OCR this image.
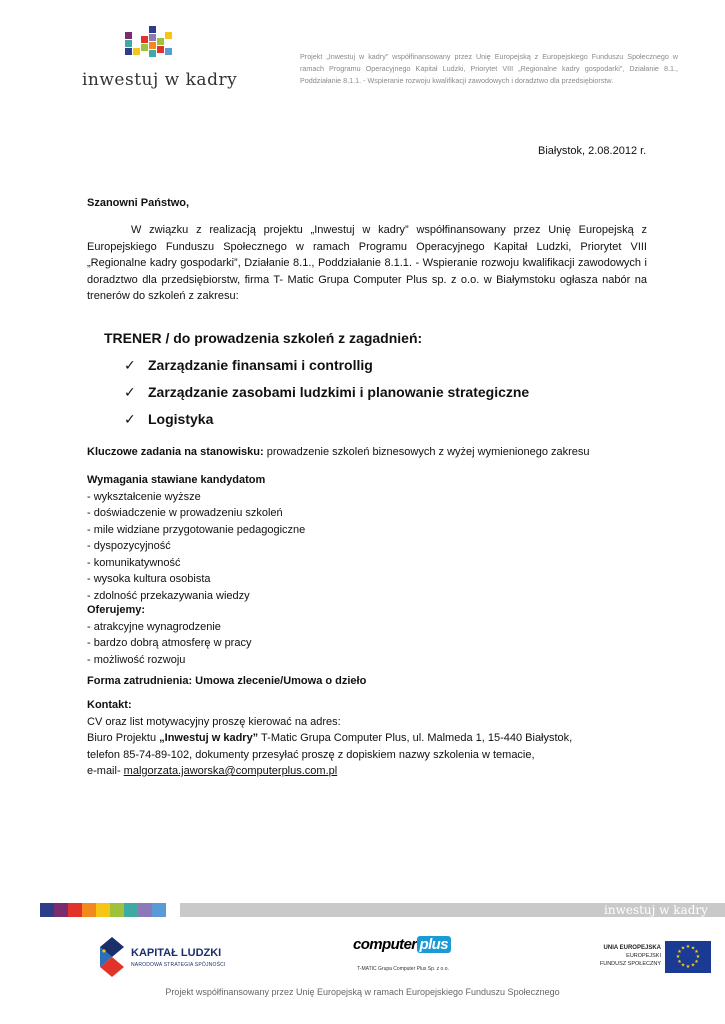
inwestuj w kadry
Projekt „Inwestuj w kadry” współfinansowany przez Unię Europejską z Europejskiego Funduszu Społecznego w ramach Programu Operacyjnego Kapitał Ludzki, Priorytet VIII „Regionalne kadry gospodarki”, Działanie 8.1., Poddziałanie 8.1.1. - Wspieranie rozwoju kwalifikacji zawodowych i doradztwo dla przedsiębiorstw.
Białystok, 2.08.2012 r.
Szanowni Państwo,
W związku z realizacją projektu „Inwestuj w kadry” współfinansowany przez Unię Europejską z Europejskiego Funduszu Społecznego w ramach Programu Operacyjnego Kapitał Ludzki, Priorytet VIII „Regionalne kadry gospodarki”, Działanie 8.1., Poddziałanie 8.1.1. - Wspieranie rozwoju kwalifikacji zawodowych i doradztwo dla przedsiębiorstw, firma T- Matic Grupa Computer Plus sp. z o.o. w Białymstoku ogłasza nabór na trenerów do szkoleń z zakresu:
TRENER / do prowadzenia szkoleń z zagadnień:
✓ Zarządzanie finansami i controllig
✓ Zarządzanie zasobami ludzkimi i planowanie strategiczne
✓ Logistyka
Kluczowe zadania na stanowisku: prowadzenie szkoleń biznesowych z wyżej wymienionego zakresu
Wymagania stawiane kandydatom
- wykształcenie wyższe
- doświadczenie w prowadzeniu szkoleń
- mile widziane przygotowanie pedagogiczne
- dyspozycyjność
- komunikatywność
- wysoka kultura osobista
- zdolność przekazywania wiedzy
Oferujemy:
- atrakcyjne wynagrodzenie
- bardzo dobrą atmosferę w pracy
- możliwość rozwoju
Forma zatrudnienia: Umowa zlecenie/Umowa o dzieło
Kontakt:
CV oraz list motywacyjny proszę kierować na adres:
Biuro Projektu „Inwestuj w kadry” T-Matic Grupa Computer Plus, ul. Malmeda 1, 15-440 Białystok,
telefon 85-74-89-102, dokumenty przesyłać proszę z dopiskiem nazwy szkolenia w temacie,
e-mail- malgorzata.jaworska@computerplus.com.pl
inwestuj w kadry
KAPITAŁ LUDZKI
NARODOWA STRATEGIA SPÓJNOŚCI
computer plus
T-MATIC Grupa Computer Plus Sp. z o.o.
UNIA EUROPEJSKA
EUROPEJSKI
FUNDUSZ SPOŁECZNY
★ ★
★
★
★
★
★
★
★
★
★
★
Projekt współfinansowany przez Unię Europejską w ramach Europejskiego Funduszu Społecznego
